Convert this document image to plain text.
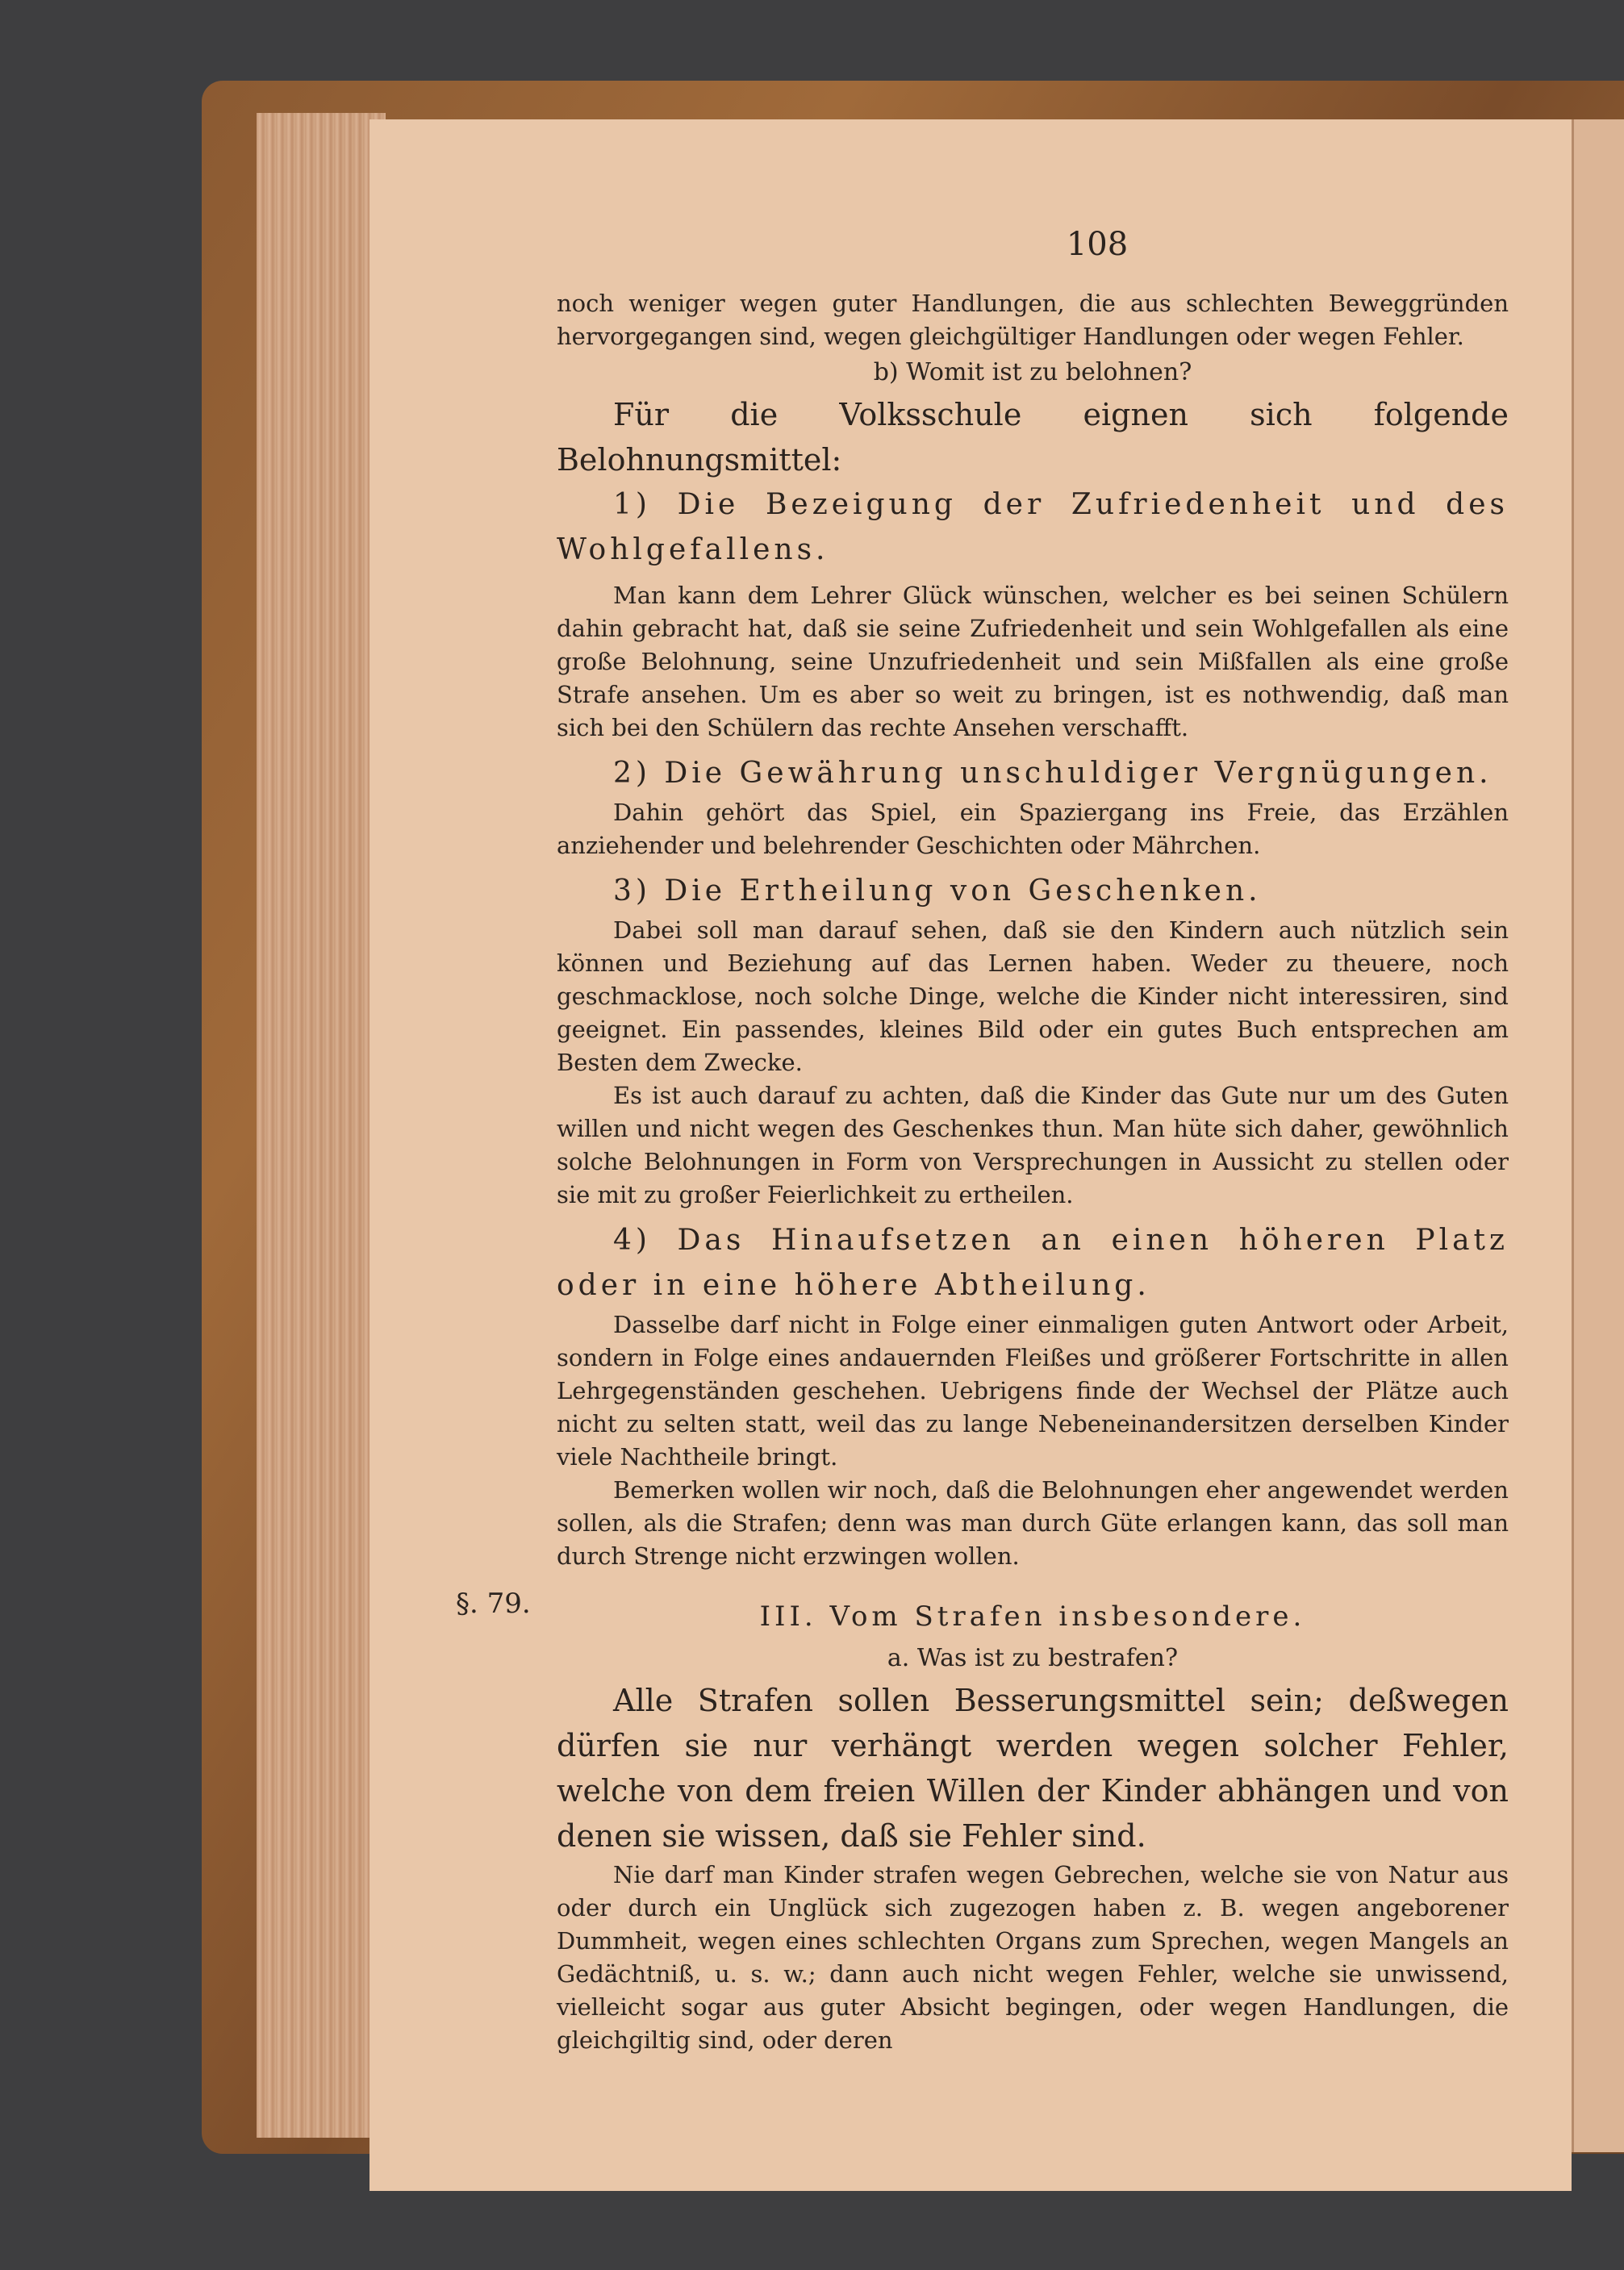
§. 79.
108

noch weniger wegen guter Handlungen, die aus schlechten Beweggründen hervorgegangen sind, wegen gleichgültiger Handlungen oder wegen Fehler.

b) Womit ist zu belohnen?

Für die Volksschule eignen sich folgende Belohnungsmittel:

1) Die Bezeigung der Zufriedenheit und des Wohlgefallens.

Man kann dem Lehrer Glück wünschen, welcher es bei seinen Schülern dahin gebracht hat, daß sie seine Zufriedenheit und sein Wohlgefallen als eine große Belohnung, seine Unzufriedenheit und sein Mißfallen als eine große Strafe ansehen. Um es aber so weit zu bringen, ist es nothwendig, daß man sich bei den Schülern das rechte Ansehen verschafft.

2) Die Gewährung unschuldiger Vergnügungen.

Dahin gehört das Spiel, ein Spaziergang ins Freie, das Erzählen anziehender und belehrender Geschichten oder Mährchen.

3) Die Ertheilung von Geschenken.

Dabei soll man darauf sehen, daß sie den Kindern auch nützlich sein können und Beziehung auf das Lernen haben. Weder zu theuere, noch geschmacklose, noch solche Dinge, welche die Kinder nicht interessiren, sind geeignet. Ein passendes, kleines Bild oder ein gutes Buch entsprechen am Besten dem Zwecke.

Es ist auch darauf zu achten, daß die Kinder das Gute nur um des Guten willen und nicht wegen des Geschenkes thun. Man hüte sich daher, gewöhnlich solche Belohnungen in Form von Versprechungen in Aussicht zu stellen oder sie mit zu großer Feierlichkeit zu ertheilen.

4) Das Hinaufsetzen an einen höheren Platz oder in eine höhere Abtheilung.

Dasselbe darf nicht in Folge einer einmaligen guten Antwort oder Arbeit, sondern in Folge eines andauernden Fleißes und größerer Fortschritte in allen Lehrgegenständen geschehen. Uebrigens finde der Wechsel der Plätze auch nicht zu selten statt, weil das zu lange Nebeneinandersitzen derselben Kinder viele Nachtheile bringt.

Bemerken wollen wir noch, daß die Belohnungen eher angewendet werden sollen, als die Strafen; denn was man durch Güte erlangen kann, das soll man durch Strenge nicht erzwingen wollen.

III. Vom Strafen insbesondere.
a. Was ist zu bestrafen?

Alle Strafen sollen Besserungsmittel sein; deßwegen dürfen sie nur verhängt werden wegen solcher Fehler, welche von dem freien Willen der Kinder abhängen und von denen sie wissen, daß sie Fehler sind.

Nie darf man Kinder strafen wegen Gebrechen, welche sie von Natur aus oder durch ein Unglück sich zugezogen haben z. B. wegen angeborener Dummheit, wegen eines schlechten Organs zum Sprechen, wegen Mangels an Gedächtniß, u. s. w.; dann auch nicht wegen Fehler, welche sie unwissend, vielleicht sogar aus guter Absicht begingen, oder wegen Handlungen, die gleichgiltig sind, oder deren
